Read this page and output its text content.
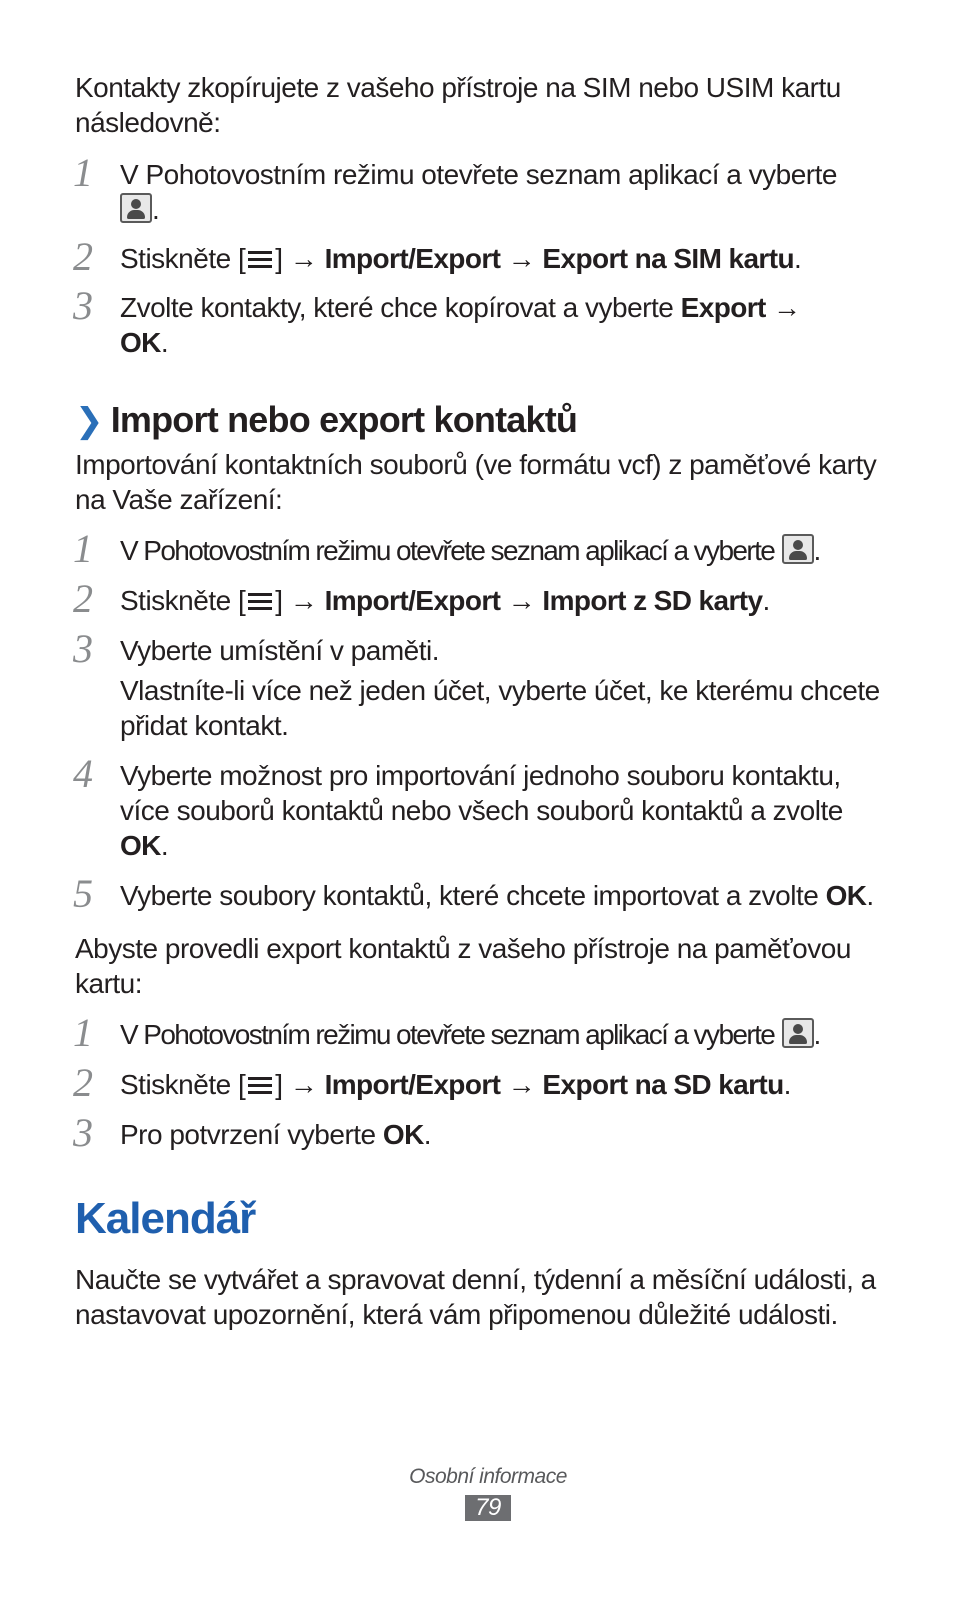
Kontakty zkopírujete z vašeho přístroje na SIM nebo USIM kartu následovně:

1 V Pohotovostním režimu otevřete seznam aplikací a vyberte
.
2 Stiskněte [ ] → Import/Export → Export na SIM kartu.
3 Zvolte kontakty, které chce kopírovat a vyberte Export →
OK.
❯ Import nebo export kontaktů

Importování kontaktních souborů (ve formátu vcf) z paměťové karty na Vaše zařízení:

1 V Pohotovostním režimu otevřete seznam aplikací a vyberte .
2 Stiskněte [ ] → Import/Export → Import z SD karty.
3 Vyberte umístění v paměti.
Vlastníte-li více než jeden účet, vyberte účet, ke kterému chcete přidat kontakt.
4 Vyberte možnost pro importování jednoho souboru kontaktu, více souborů kontaktů nebo všech souborů kontaktů a zvolte OK.
5 Vyberte soubory kontaktů, které chcete importovat a zvolte OK.

Abyste provedli export kontaktů z vašeho přístroje na paměťovou kartu:

1 V Pohotovostním režimu otevřete seznam aplikací a vyberte .
2 Stiskněte [ ] → Import/Export → Export na SD kartu.
3 Pro potvrzení vyberte OK.
Kalendář

Naučte se vytvářet a spravovat denní, týdenní a měsíční události, a nastavovat upozornění, která vám připomenou důležité události.

Osobní informace
79
